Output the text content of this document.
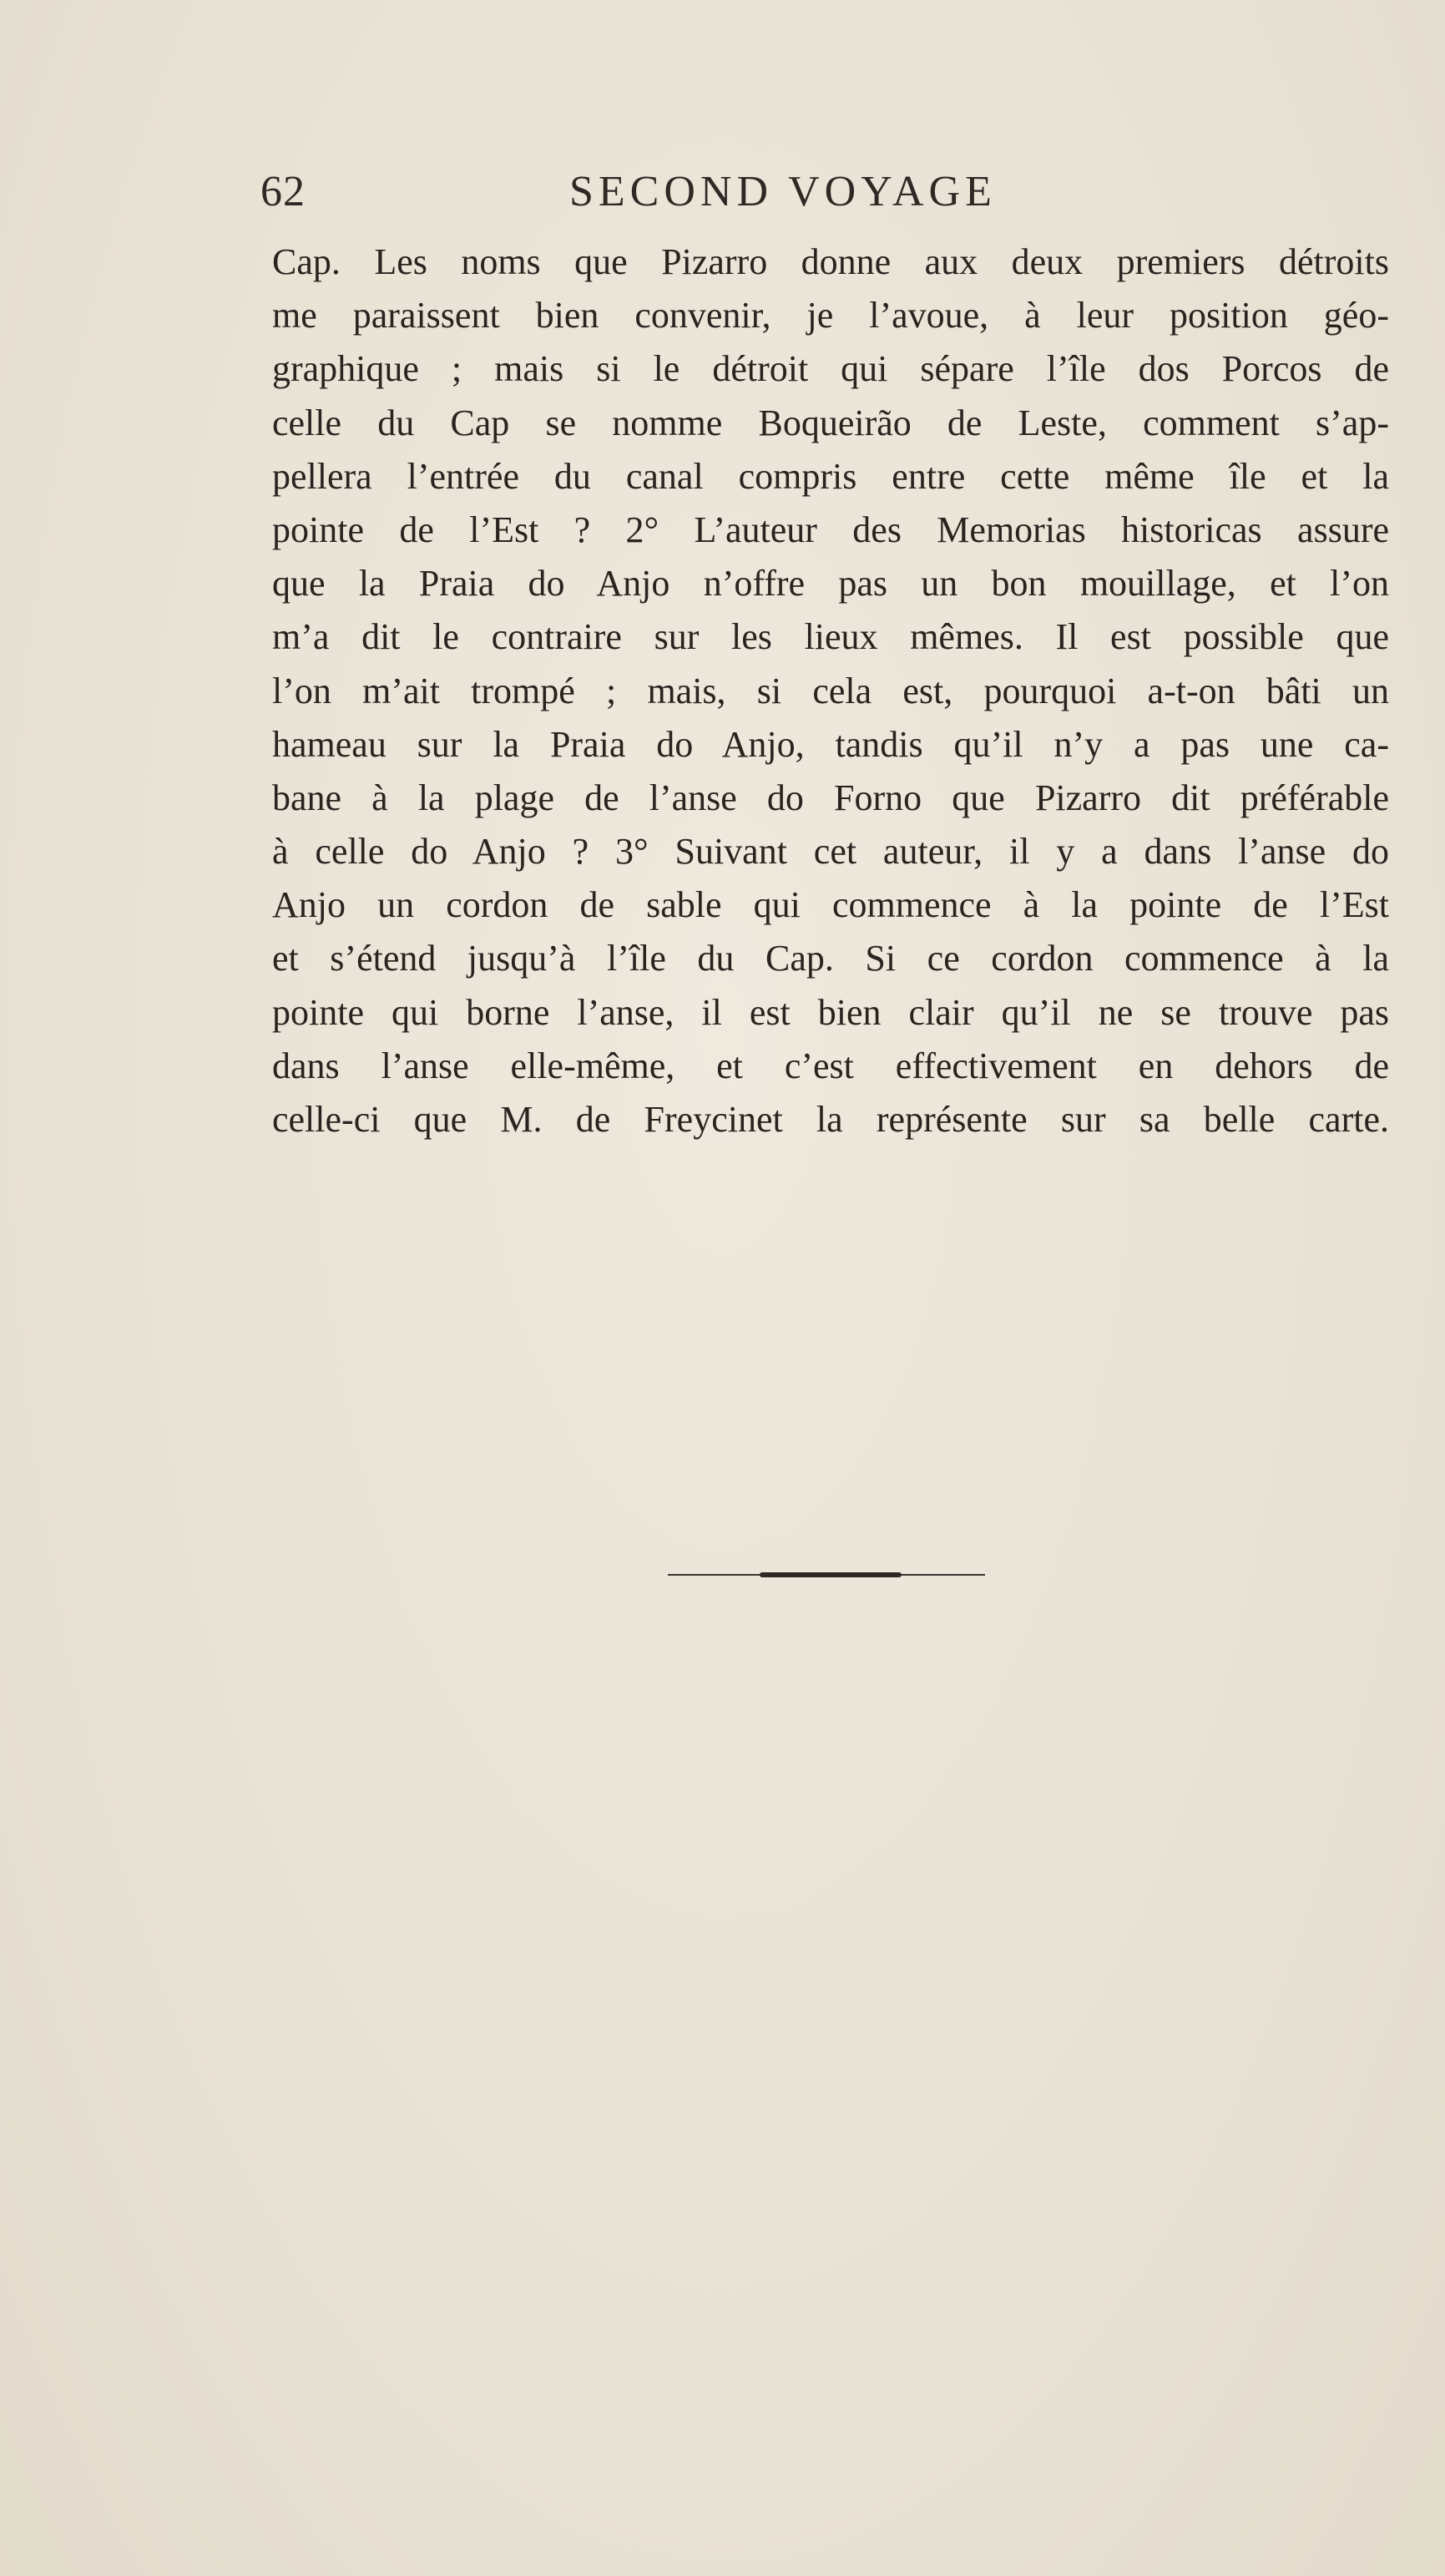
62	SECOND VOYAGE
Cap. Les noms que Pizarro donne aux deux premiers détroits
me paraissent bien convenir, je l’avoue, à leur position géo-
graphique ; mais si le détroit qui sépare l’île dos Porcos de
celle du Cap se nomme Boqueirão de Leste, comment s’ap-
pellera l’entrée du canal compris entre cette même île et la
pointe de l’Est ? 2° L’auteur des Memorias historicas assure
que la Praia do Anjo n’offre pas un bon mouillage, et l’on
m’a dit le contraire sur les lieux mêmes. Il est possible que
l’on m’ait trompé ; mais, si cela est, pourquoi a-t-on bâti un
hameau sur la Praia do Anjo, tandis qu’il n’y a pas une ca-
bane à la plage de l’anse do Forno que Pizarro dit préférable
à celle do Anjo ? 3° Suivant cet auteur, il y a dans l’anse do
Anjo un cordon de sable qui commence à la pointe de l’Est
et s’étend jusqu’à l’île du Cap. Si ce cordon commence à la
pointe qui borne l’anse, il est bien clair qu’il ne se trouve pas
dans l’anse elle-même, et c’est effectivement en dehors de
celle-ci que M. de Freycinet la représente sur sa belle carte.
